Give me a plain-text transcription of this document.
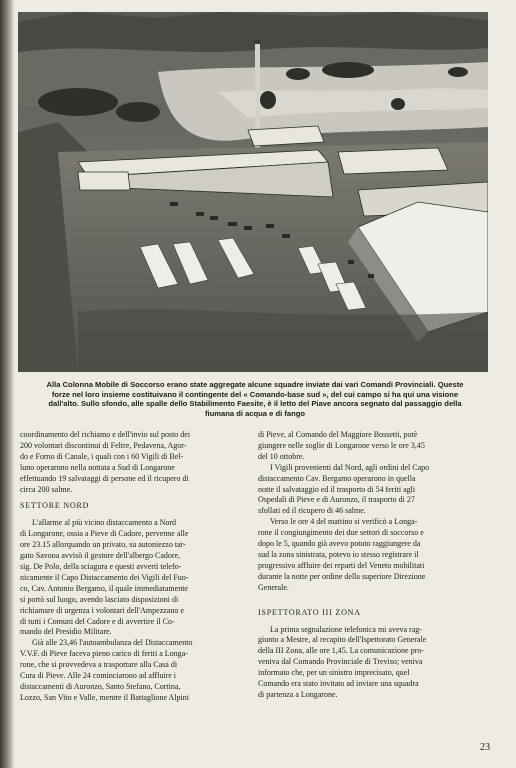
Alla Colonna Mobile di Soccorso erano state aggregate alcune squadre inviate dai vari Comandi Provinciali. Queste
forze nel loro insieme costituivano il contingente del « Comando-base sud », del cui campo si ha qui una visione
dall'alto. Sullo sfondo, alle spalle dello Stabilimento Faesite, è il letto del Piave ancora segnato dal passaggio della
fiumana di acqua e di fango

coordinamento del richiamo e dell'invio sul posto dei

200 volontari discontinui di Feltre, Pedavena, Agor-

do e Forno di Canale, i quali con i 60 Vigili di Bel-

luno operarono nella nottata a Sud di Longarone

effettuando 19 salvataggi di persone ed il ricupero di

circa 200 salme.

SETTORE NORD

L'allarme al più vicino distaccamento a Nord

di Longarone, ossia a Pieve di Cadore, pervenne alle

ore 23.15 allorquando un privato, su autoniezzo tar-

gato Savona avvisò il gestore dell'albergo Cadore,

sig. De Polo, della sciagura e questi avvertì telefo-

nicamente il Capo Distaccamento dei Vigili del Fuo-

co, Cav. Antonio Bergamo, il quale immediatamente

si portò sul luogo, avendo lasciato disposizioni di

richiamare di urgenza i volontari dell'Ampezzano e

di tutti i Comuni del Cadore e di avvertire il Co-

mando del Presidio Militare.

Già alle 23,46 l'autoambulanza del Distaccamento

V.V.F. di Pieve faceva pieno carico di feriti a Longa-

rone, che si provvedeva a trasportare alla Casa di

Cura di Pieve. Alle 24 cominciarono ad affluire i

distaccamenti di Auronzo, Santo Stefano, Cortina,

Lozzo, San Vito e Valle, mentre il Battaglione Alpini

di Pieve, al Comando del Maggiore Bossetti, potè

giungere nelle soglie di Longarone verso le ore 3,45

del 10 ottobre.

I Vigili provenienti dal Nord, agli ordini del Capo

distaccamento Cav. Bergamo operarono in quella

notte il salvataggio ed il trasporto di 54 feriti agli

Ospedali di Pieve e di Auronzo, il trasporto di 27

sfollati ed il ricupero di 46 salme.

Verso le ore 4 del mattino si verificò a Longa-

rone il congiungimento dei due settori di soccorso e

dopo le 5, quando già avevo potuto raggiungere da

sud la zona sinistrata, potevo io stesso registrare il

progressivo affluire dei reparti del Veneto mobilitati

durante la notte per ordine della superiore Direzione

Generale.

ISPETTORATO III ZONA

La prima segnalazione telefonica mi aveva rag-

giunto a Mestre, al recapito dell'Ispettorato Generale

della III Zona, alle ore 1,45. La comunicazione pro-

veniva dal Comando Provinciale di Treviso; veniva

informato che, per un sinistro imprecisato, quel

Comando era stato invitato ad inviare una squadra

di partenza a Longarone.

23
